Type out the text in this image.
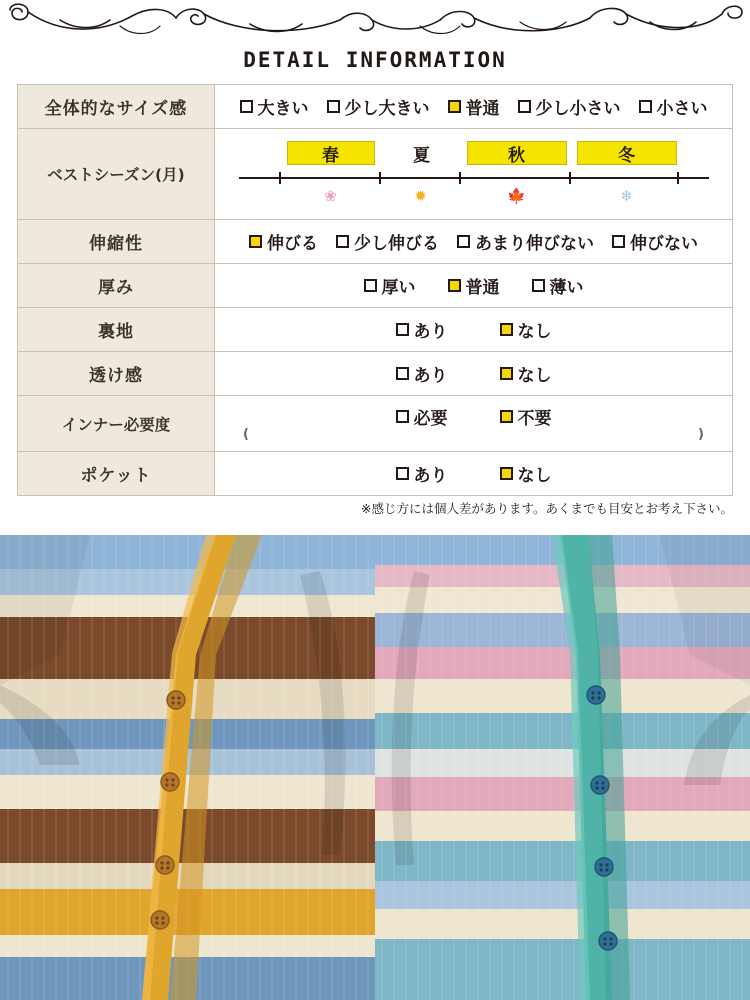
DETAIL INFORMATION
全体的なサイズ感	大きい 少し大きい 普通 少し小さい 小さい

ベストシーズン(月)	
春	夏	秋	冬
❀	✹	🍁	❄

伸縮性	伸びる 少し伸びる あまり伸びない 伸びない

厚み	厚い 普通 薄い

裏地	あり なし

透け感	あり なし

インナー必要度	必要 不要
( )

ポケット	あり なし
※感じ方には個人差があります。あくまでも目安とお考え下さい。
